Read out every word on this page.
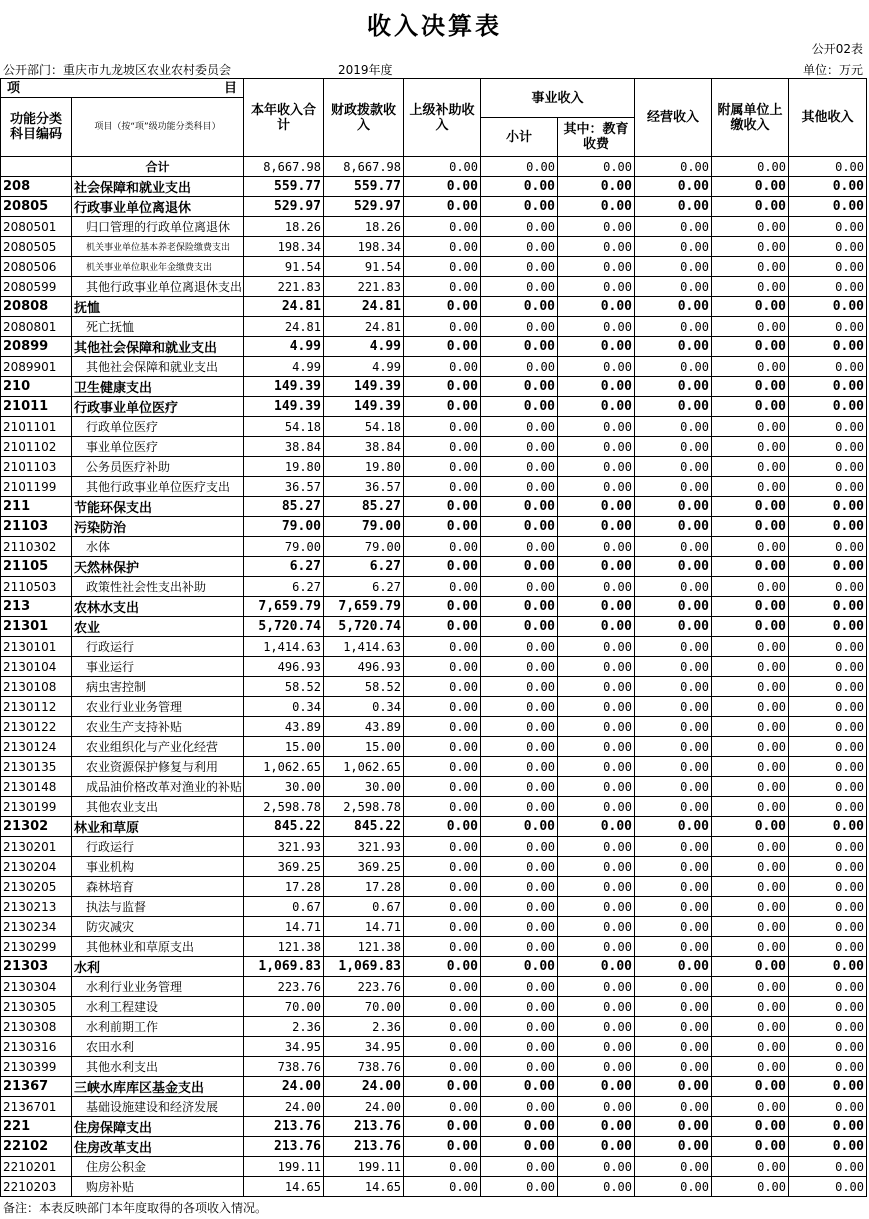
收入决算表
公开02表
公开部门：重庆市九龙坡区农业农村委员会	2019年度	单位：万元
项 目		本年收入合计	财政拨款收入	上级补助收入	事业收入		经营收入	附属单位上缴收入	其他收入
功能分类科目编码	项目（按“项”级功能分类科目）								
					小计	其中：教育收费			
	合计	8,667.98	8,667.98	0.00	0.00	0.00	0.00	0.00	0.00
208	社会保障和就业支出	559.77	559.77	0.00	0.00	0.00	0.00	0.00	0.00
20805	行政事业单位离退休	529.97	529.97	0.00	0.00	0.00	0.00	0.00	0.00
2080501	归口管理的行政单位离退休	18.26	18.26	0.00	0.00	0.00	0.00	0.00	0.00
2080505	机关事业单位基本养老保险缴费支出	198.34	198.34	0.00	0.00	0.00	0.00	0.00	0.00
2080506	机关事业单位职业年金缴费支出	91.54	91.54	0.00	0.00	0.00	0.00	0.00	0.00
2080599	其他行政事业单位离退休支出	221.83	221.83	0.00	0.00	0.00	0.00	0.00	0.00
20808	抚恤	24.81	24.81	0.00	0.00	0.00	0.00	0.00	0.00
2080801	死亡抚恤	24.81	24.81	0.00	0.00	0.00	0.00	0.00	0.00
20899	其他社会保障和就业支出	4.99	4.99	0.00	0.00	0.00	0.00	0.00	0.00
2089901	其他社会保障和就业支出	4.99	4.99	0.00	0.00	0.00	0.00	0.00	0.00
210	卫生健康支出	149.39	149.39	0.00	0.00	0.00	0.00	0.00	0.00
21011	行政事业单位医疗	149.39	149.39	0.00	0.00	0.00	0.00	0.00	0.00
2101101	行政单位医疗	54.18	54.18	0.00	0.00	0.00	0.00	0.00	0.00
2101102	事业单位医疗	38.84	38.84	0.00	0.00	0.00	0.00	0.00	0.00
2101103	公务员医疗补助	19.80	19.80	0.00	0.00	0.00	0.00	0.00	0.00
2101199	其他行政事业单位医疗支出	36.57	36.57	0.00	0.00	0.00	0.00	0.00	0.00
211	节能环保支出	85.27	85.27	0.00	0.00	0.00	0.00	0.00	0.00
21103	污染防治	79.00	79.00	0.00	0.00	0.00	0.00	0.00	0.00
2110302	水体	79.00	79.00	0.00	0.00	0.00	0.00	0.00	0.00
21105	天然林保护	6.27	6.27	0.00	0.00	0.00	0.00	0.00	0.00
2110503	政策性社会性支出补助	6.27	6.27	0.00	0.00	0.00	0.00	0.00	0.00
213	农林水支出	7,659.79	7,659.79	0.00	0.00	0.00	0.00	0.00	0.00
21301	农业	5,720.74	5,720.74	0.00	0.00	0.00	0.00	0.00	0.00
2130101	行政运行	1,414.63	1,414.63	0.00	0.00	0.00	0.00	0.00	0.00
2130104	事业运行	496.93	496.93	0.00	0.00	0.00	0.00	0.00	0.00
2130108	病虫害控制	58.52	58.52	0.00	0.00	0.00	0.00	0.00	0.00
2130112	农业行业业务管理	0.34	0.34	0.00	0.00	0.00	0.00	0.00	0.00
2130122	农业生产支持补贴	43.89	43.89	0.00	0.00	0.00	0.00	0.00	0.00
2130124	农业组织化与产业化经营	15.00	15.00	0.00	0.00	0.00	0.00	0.00	0.00
2130135	农业资源保护修复与利用	1,062.65	1,062.65	0.00	0.00	0.00	0.00	0.00	0.00
2130148	成品油价格改革对渔业的补贴	30.00	30.00	0.00	0.00	0.00	0.00	0.00	0.00
2130199	其他农业支出	2,598.78	2,598.78	0.00	0.00	0.00	0.00	0.00	0.00
21302	林业和草原	845.22	845.22	0.00	0.00	0.00	0.00	0.00	0.00
2130201	行政运行	321.93	321.93	0.00	0.00	0.00	0.00	0.00	0.00
2130204	事业机构	369.25	369.25	0.00	0.00	0.00	0.00	0.00	0.00
2130205	森林培育	17.28	17.28	0.00	0.00	0.00	0.00	0.00	0.00
2130213	执法与监督	0.67	0.67	0.00	0.00	0.00	0.00	0.00	0.00
2130234	防灾减灾	14.71	14.71	0.00	0.00	0.00	0.00	0.00	0.00
2130299	其他林业和草原支出	121.38	121.38	0.00	0.00	0.00	0.00	0.00	0.00
21303	水利	1,069.83	1,069.83	0.00	0.00	0.00	0.00	0.00	0.00
2130304	水利行业业务管理	223.76	223.76	0.00	0.00	0.00	0.00	0.00	0.00
2130305	水利工程建设	70.00	70.00	0.00	0.00	0.00	0.00	0.00	0.00
2130308	水利前期工作	2.36	2.36	0.00	0.00	0.00	0.00	0.00	0.00
2130316	农田水利	34.95	34.95	0.00	0.00	0.00	0.00	0.00	0.00
2130399	其他水利支出	738.76	738.76	0.00	0.00	0.00	0.00	0.00	0.00
21367	三峡水库库区基金支出	24.00	24.00	0.00	0.00	0.00	0.00	0.00	0.00
2136701	基础设施建设和经济发展	24.00	24.00	0.00	0.00	0.00	0.00	0.00	0.00
221	住房保障支出	213.76	213.76	0.00	0.00	0.00	0.00	0.00	0.00
22102	住房改革支出	213.76	213.76	0.00	0.00	0.00	0.00	0.00	0.00
2210201	住房公积金	199.11	199.11	0.00	0.00	0.00	0.00	0.00	0.00
2210203	购房补贴	14.65	14.65	0.00	0.00	0.00	0.00	0.00	0.00
备注：本表反映部门本年度取得的各项收入情况。
